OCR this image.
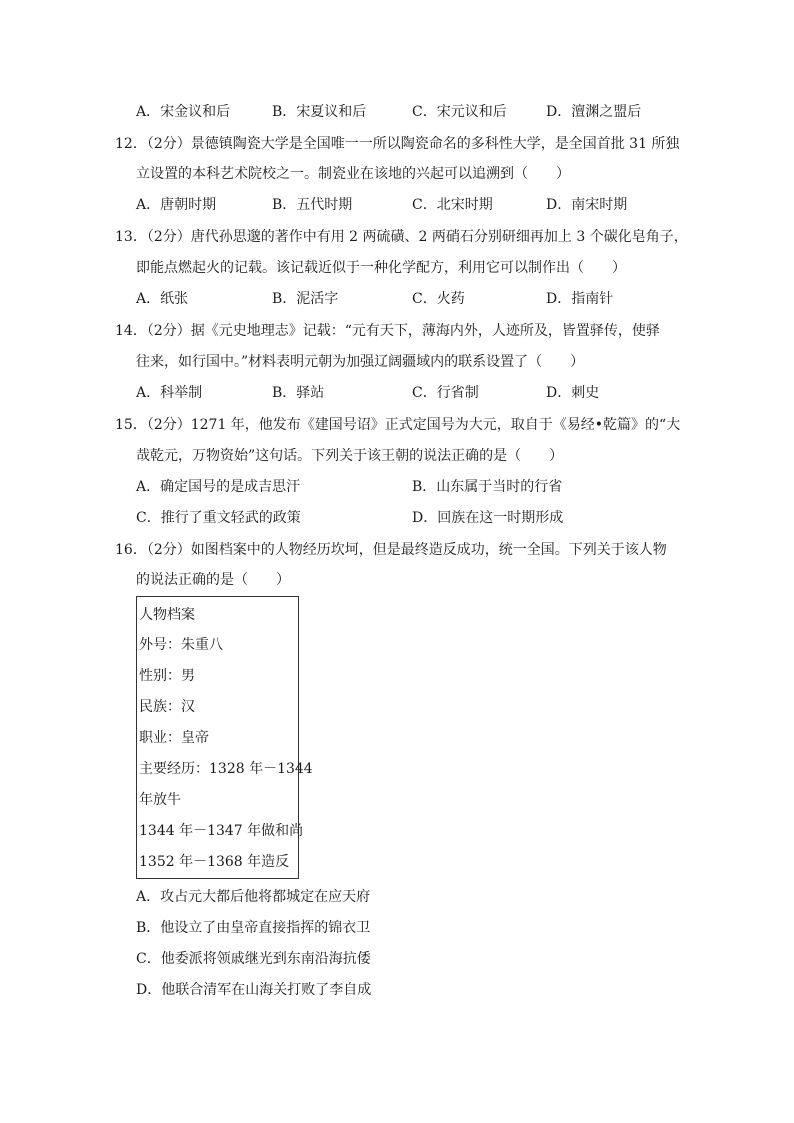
A．宋金议和后	B．宋夏议和后	C．宋元议和后	D．澶渊之盟后
12．（2分）景德镇陶瓷大学是全国唯一一所以陶瓷命名的多科性大学，是全国首批 31 所独
立设置的本科艺术院校之一。制瓷业在该地的兴起可以追溯到（　　）
A．唐朝时期	B．五代时期	C．北宋时期	D．南宋时期
13．（2分）唐代孙思邈的著作中有用 2 两硫磺、2 两硝石分别研细再加上 3 个碳化皂角子，
即能点燃起火的记载。该记载近似于一种化学配方，利用它可以制作出（　　）
A．纸张	B．泥活字	C．火药	D．指南针
14．（2分）据《元史地理志》记载：“元有天下，薄海内外，人迹所及，皆置驿传，使驿
往来，如行国中。”材料表明元朝为加强辽阔疆域内的联系设置了（　　）
A．科举制	B．驿站	C．行省制	D．刺史
15．（2分）1271 年，他发布《建国号诏》正式定国号为大元，取自于《易经•乾篇》的“大
哉乾元，万物资始”这句话。下列关于该王朝的说法正确的是（　　）
A．确定国号的是成吉思汗	B．山东属于当时的行省
C．推行了重文轻武的政策	D．回族在这一时期形成
16．（2分）如图档案中的人物经历坎坷，但是最终造反成功，统一全国。下列关于该人物
的说法正确的是（　　）
人物档案
外号：朱重八
性别：男
民族：汉
职业：皇帝
主要经历：1328 年－1344
年放牛
1344 年－1347 年做和尚
1352 年－1368 年造反
A．攻占元大都后他将都城定在应天府
B．他设立了由皇帝直接指挥的锦衣卫
C．他委派将领戚继光到东南沿海抗倭
D．他联合清军在山海关打败了李自成
